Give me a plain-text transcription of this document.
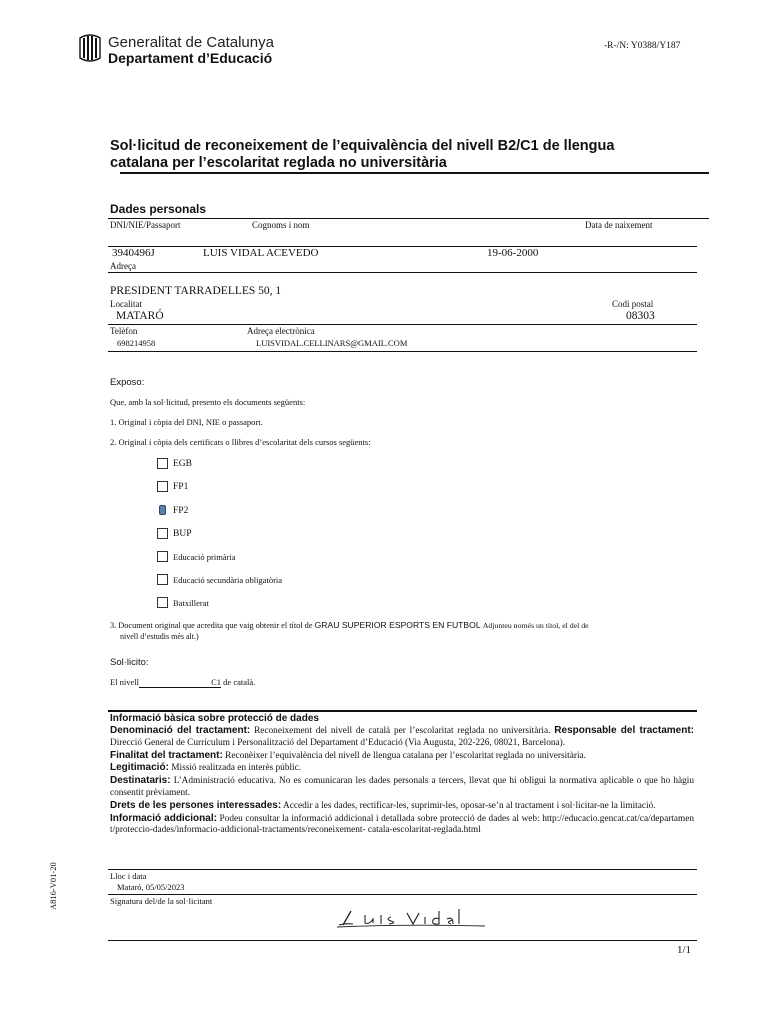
Generalitat de Catalunya
Departament d’Educació
-R-/N: Y0388/Y187
Sol·licitud de reconeixement de l’equivalència del nivell B2/C1 de llengua
catalana per l’escolaritat reglada no universitària
Dades personals
DNI/NIE/Passaport	Cognoms i nom	Data de naixement
3940496J	LUIS VIDAL ACEVEDO	19-06-2000
Adreça
PRESIDENT TARRADELLES 50, 1
Localitat	Codi postal
MATARÓ	08303
Telèfon	Adreça electrònica
698214958	LUISVIDAL.CELLINARS@GMAIL.COM
Exposo:
Que, amb la sol·licitud, presento els documents següents:
1. Original i còpia del DNI, NIE o passaport.
2. Original i còpia dels certificats o llibres d’escolaritat dels cursos següents:
EGB
FP1
FP2
BUP
Educació primària
Educació secundària obligatòria
Batxillerat
3. Document original que acredita que vaig obtenir el títol de GRAU SUPERIOR ESPORTS EN FUTBOL Adjunteu només un títol, el del de
nivell d’estudis més alt.)
Sol·licito:
El nivell	C1 de català.
Informació bàsica sobre protecció de dades
Denominació del tractament: Reconeixement del nivell de català per l’escolaritat reglada no universitària. Responsable del tractament: Direcció General de Currículum i Personalització del Departament d’Educació (Via Augusta, 202-226, 08021, Barcelona).
Finalitat del tractament: Reconèixer l’equivalència del nivell de llengua catalana per l’escolaritat reglada no universitària.
Legitimació: Missió realitzada en interès públic.
Destinataris: L’Administració educativa. No es comunicaran les dades personals a tercers, llevat que hi obligui la normativa aplicable o que ho hàgiu consentit prèviament.
Drets de les persones interessades: Accedir a les dades, rectificar-les, suprimir-les, oposar-se’n al tractament i sol·licitar-ne la limitació.
Informació addicional: Podeu consultar la informació addicional i detallada sobre protecció de dades al web: http://educacio.gencat.cat/ca/departament/proteccio-dades/informacio-addicional-tractaments/reconeixement- catala-escolaritat-reglada.html
Lloc i data
Mataró, 05/05/2023
Signatura del/de la sol·licitant
A816-V01-20
1/1
